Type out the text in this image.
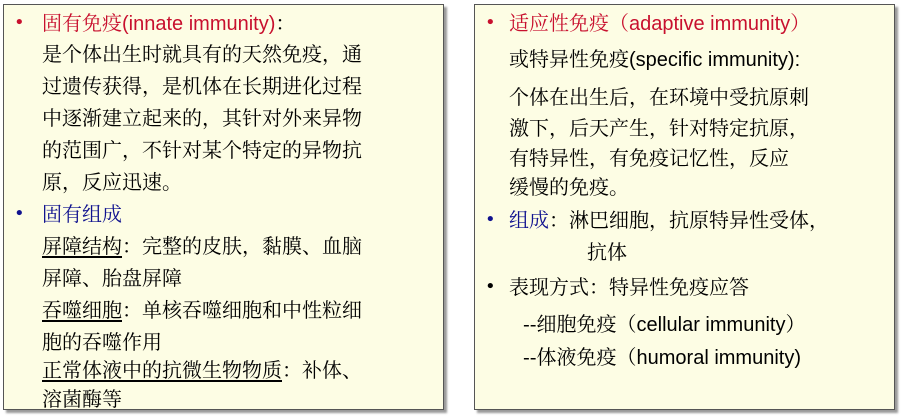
• 固有免疫(innate immunity)：
是个体出生时就具有的天然免疫，通
过遗传获得，是机体在长期进化过程
中逐渐建立起来的，其针对外来异物
的范围广，不针对某个特定的异物抗
原，反应迅速。
• 固有组成
屏障结构：完整的皮肤，黏膜、血脑
屏障、胎盘屏障
吞噬细胞：单核吞噬细胞和中性粒细
胞的吞噬作用
正常体液中的抗微生物物质：补体、
溶菌酶等
• 适应性免疫（adaptive immunity）
或特异性免疫(specific immunity):
个体在出生后，在环境中受抗原刺
激下，后天产生，针对特定抗原，
有特异性，有免疫记忆性，反应
缓慢的免疫。
• 组成：淋巴细胞，抗原特异性受体，
抗体
• 表现方式：特异性免疫应答
--细胞免疫（cellular immunity）
--体液免疫（humoral immunity)
